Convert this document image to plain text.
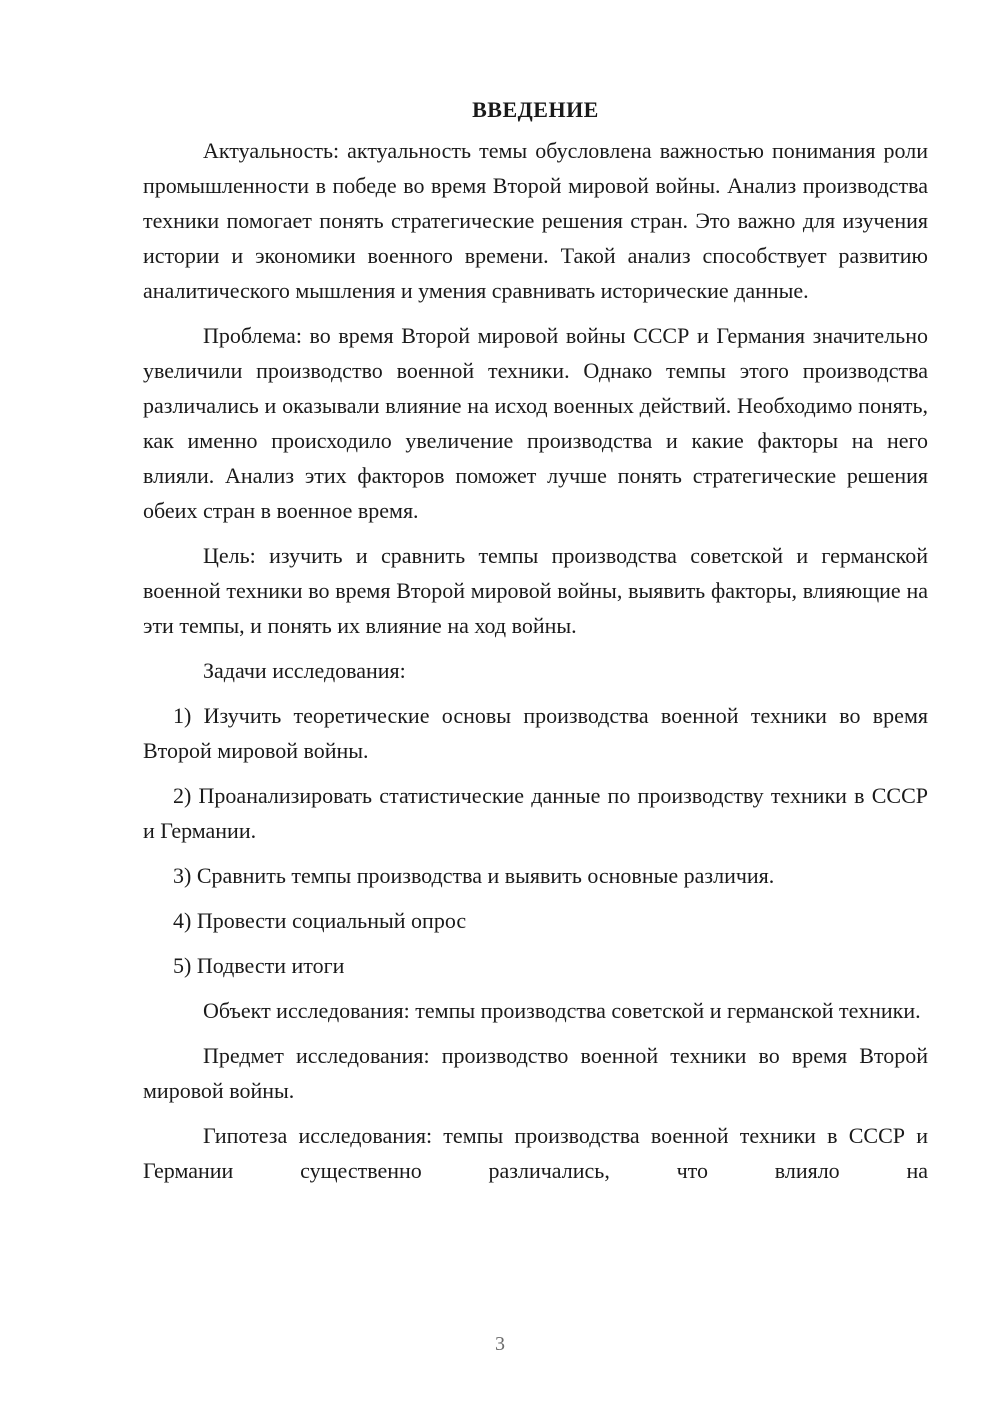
ВВЕДЕНИЕ

Актуальность: актуальность темы обусловлена важностью понимания роли промышленности в победе во время Второй мировой войны. Анализ производства техники помогает понять стратегические решения стран. Это важно для изучения истории и экономики военного времени. Такой анализ способствует развитию аналитического мышления и умения сравнивать исторические данные.

Проблема: во время Второй мировой войны СССР и Германия значительно увеличили производство военной техники. Однако темпы этого производства различались и оказывали влияние на исход военных действий. Необходимо понять, как именно происходило увеличение производства и какие факторы на него влияли. Анализ этих факторов поможет лучше понять стратегические решения обеих стран в военное время.

Цель: изучить и сравнить темпы производства советской и германской военной техники во время Второй мировой войны, выявить факторы, влияющие на эти темпы, и понять их влияние на ход войны.

Задачи исследования:

1) Изучить теоретические основы производства военной техники во время Второй мировой войны.

2) Проанализировать статистические данные по производству техники в СССР и Германии.

3) Сравнить темпы производства и выявить основные различия.

4) Провести социальный опрос

5) Подвести итоги

Объект исследования: темпы производства советской и германской техники.

Предмет исследования: производство военной техники во время Второй мировой войны.

Гипотеза исследования: темпы производства военной техники в СССР и Германии существенно различались, что влияло на

3
